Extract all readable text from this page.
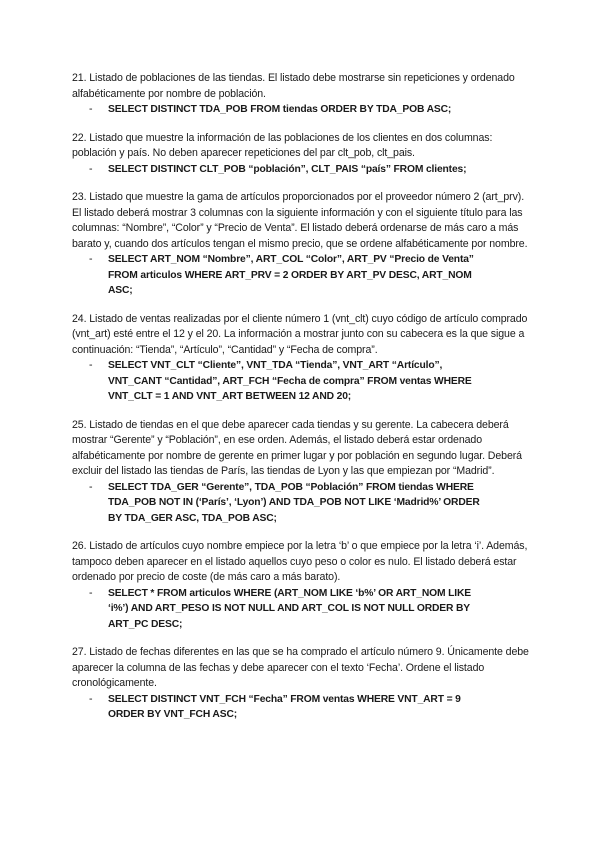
21. Listado de poblaciones de las tiendas. El listado debe mostrarse sin repeticiones y ordenado alfabéticamente por nombre de población.

- SELECT DISTINCT TDA_POB FROM tiendas ORDER BY TDA_POB ASC;

22. Listado que muestre la información de las poblaciones de los clientes en dos columnas: población y país. No deben aparecer repeticiones del par clt_pob, clt_pais.

- SELECT DISTINCT CLT_POB “población”, CLT_PAIS “país” FROM clientes;

23. Listado que muestre la gama de artículos proporcionados por el proveedor número 2 (art_prv). El listado deberá mostrar 3 columnas con la siguiente información y con el siguiente título para las columnas: “Nombre”, “Color” y “Precio de Venta”. El listado deberá ordenarse de más caro a más barato y, cuando dos artículos tengan el mismo precio, que se ordene alfabéticamente por nombre.

- SELECT ART_NOM “Nombre”, ART_COL “Color”, ART_PV “Precio de Venta”
FROM articulos WHERE ART_PRV = 2 ORDER BY ART_PV DESC, ART_NOM
ASC;

24. Listado de ventas realizadas por el cliente número 1 (vnt_clt) cuyo código de artículo comprado (vnt_art) esté entre el 12 y el 20. La información a mostrar junto con su cabecera es la que sigue a continuación: “Tienda”, “Artículo”, “Cantidad” y “Fecha de compra”.

- SELECT VNT_CLT “Cliente”, VNT_TDA “Tienda”, VNT_ART “Artículo”,
VNT_CANT “Cantidad”, ART_FCH “Fecha de compra” FROM ventas WHERE
VNT_CLT = 1 AND VNT_ART BETWEEN 12 AND 20;

25. Listado de tiendas en el que debe aparecer cada tiendas y su gerente. La cabecera deberá mostrar “Gerente” y “Población”, en ese orden. Además, el listado deberá estar ordenado alfabéticamente por nombre de gerente en primer lugar y por población en segundo lugar. Deberá excluir del listado las tiendas de París, las tiendas de Lyon y las que empiezan por “Madrid”.

- SELECT TDA_GER “Gerente”, TDA_POB “Población” FROM tiendas WHERE
TDA_POB NOT IN (‘París’, ‘Lyon’) AND TDA_POB NOT LIKE ‘Madrid%’ ORDER
BY TDA_GER ASC, TDA_POB ASC;

26. Listado de artículos cuyo nombre empiece por la letra ‘b’ o que empiece por la letra ‘i’. Además, tampoco deben aparecer en el listado aquellos cuyo peso o color es nulo. El listado deberá estar ordenado por precio de coste (de más caro a más barato).

- SELECT * FROM articulos WHERE (ART_NOM LIKE ‘b%’ OR ART_NOM LIKE
‘i%’) AND ART_PESO IS NOT NULL AND ART_COL IS NOT NULL ORDER BY
ART_PC DESC;

27. Listado de fechas diferentes en las que se ha comprado el artículo número 9. Únicamente debe aparecer la columna de las fechas y debe aparecer con el texto ‘Fecha’. Ordene el listado cronológicamente.

- SELECT DISTINCT VNT_FCH “Fecha” FROM ventas WHERE VNT_ART = 9
ORDER BY VNT_FCH ASC;
